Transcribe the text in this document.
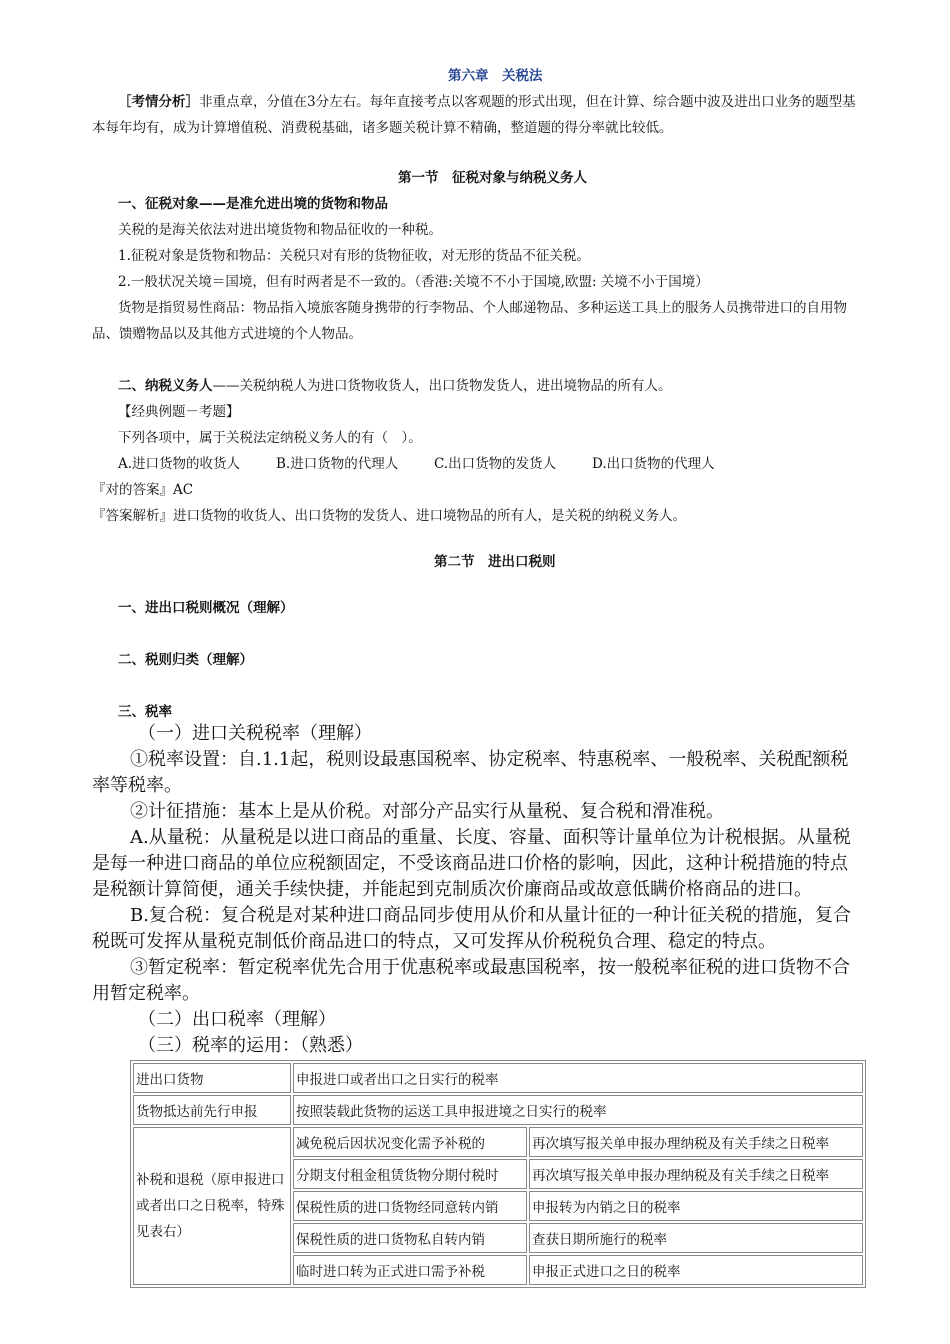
第六章　关税法
［考情分析］非重点章，分值在3分左右。每年直接考点以客观题的形式出现，但在计算、综合题中波及进出口业务的题型基
本每年均有，成为计算增值税、消费税基础，诸多题关税计算不精确，整道题的得分率就比较低。
第一节　征税对象与纳税义务人
一、征税对象——是准允进出境的货物和物品
关税的是海关依法对进出境货物和物品征收的一种税。
1.征税对象是货物和物品：关税只对有形的货物征收，对无形的货品不征关税。
2.一般状况关境＝国境，但有时两者是不一致的。（香港:关境不不小于国境,欧盟: 关境不小于国境）
货物是指贸易性商品：物品指入境旅客随身携带的行李物品、个人邮递物品、多种运送工具上的服务人员携带进口的自用物
品、馈赠物品以及其他方式进境的个人物品。
二、纳税义务人——关税纳税人为进口货物收货人，出口货物发货人，进出境物品的所有人。
【经典例题－考题】
下列各项中，属于关税法定纳税义务人的有（　）。
A.进口货物的收货人	B.进口货物的代理人	C.出口货物的发货人	D.出口货物的代理人
『对的答案』AC
『答案解析』进口货物的收货人、出口货物的发货人、进口境物品的所有人，是关税的纳税义务人。
第二节　进出口税则
一、进出口税则概况（理解）
二、税则归类（理解）
三、税率
（一）进口关税税率（理解）
①税率设置：自.1.1起，税则设最惠国税率、协定税率、特惠税率、一般税率、关税配额税
率等税率。
②计征措施：基本上是从价税。对部分产品实行从量税、复合税和滑准税。
A.从量税：从量税是以进口商品的重量、长度、容量、面积等计量单位为计税根据。从量税
是每一种进口商品的单位应税额固定，不受该商品进口价格的影响，因此，这种计税措施的特点
是税额计算简便，通关手续快捷，并能起到克制质次价廉商品或故意低瞒价格商品的进口。
B.复合税：复合税是对某种进口商品同步使用从价和从量计征的一种计征关税的措施，复合
税既可发挥从量税克制低价商品进口的特点，又可发挥从价税税负合理、稳定的特点。
③暂定税率：暂定税率优先合用于优惠税率或最惠国税率，按一般税率征税的进口货物不合
用暂定税率。
（二）出口税率（理解）
（三）税率的运用：（熟悉）
进出口货物	申报进口或者出口之日实行的税率	
货物抵达前先行申报	按照装载此货物的运送工具申报进境之日实行的税率	
补税和退税（原申报进口或者出口之日税率，特殊见表右）	减免税后因状况变化需予补税的	再次填写报关单申报办理纳税及有关手续之日税率
	分期支付租金租赁货物分期付税时	再次填写报关单申报办理纳税及有关手续之日税率
	保税性质的进口货物经同意转内销	申报转为内销之日的税率
	保税性质的进口货物私自转内销	查获日期所施行的税率
	临时进口转为正式进口需予补税	申报正式进口之日的税率
